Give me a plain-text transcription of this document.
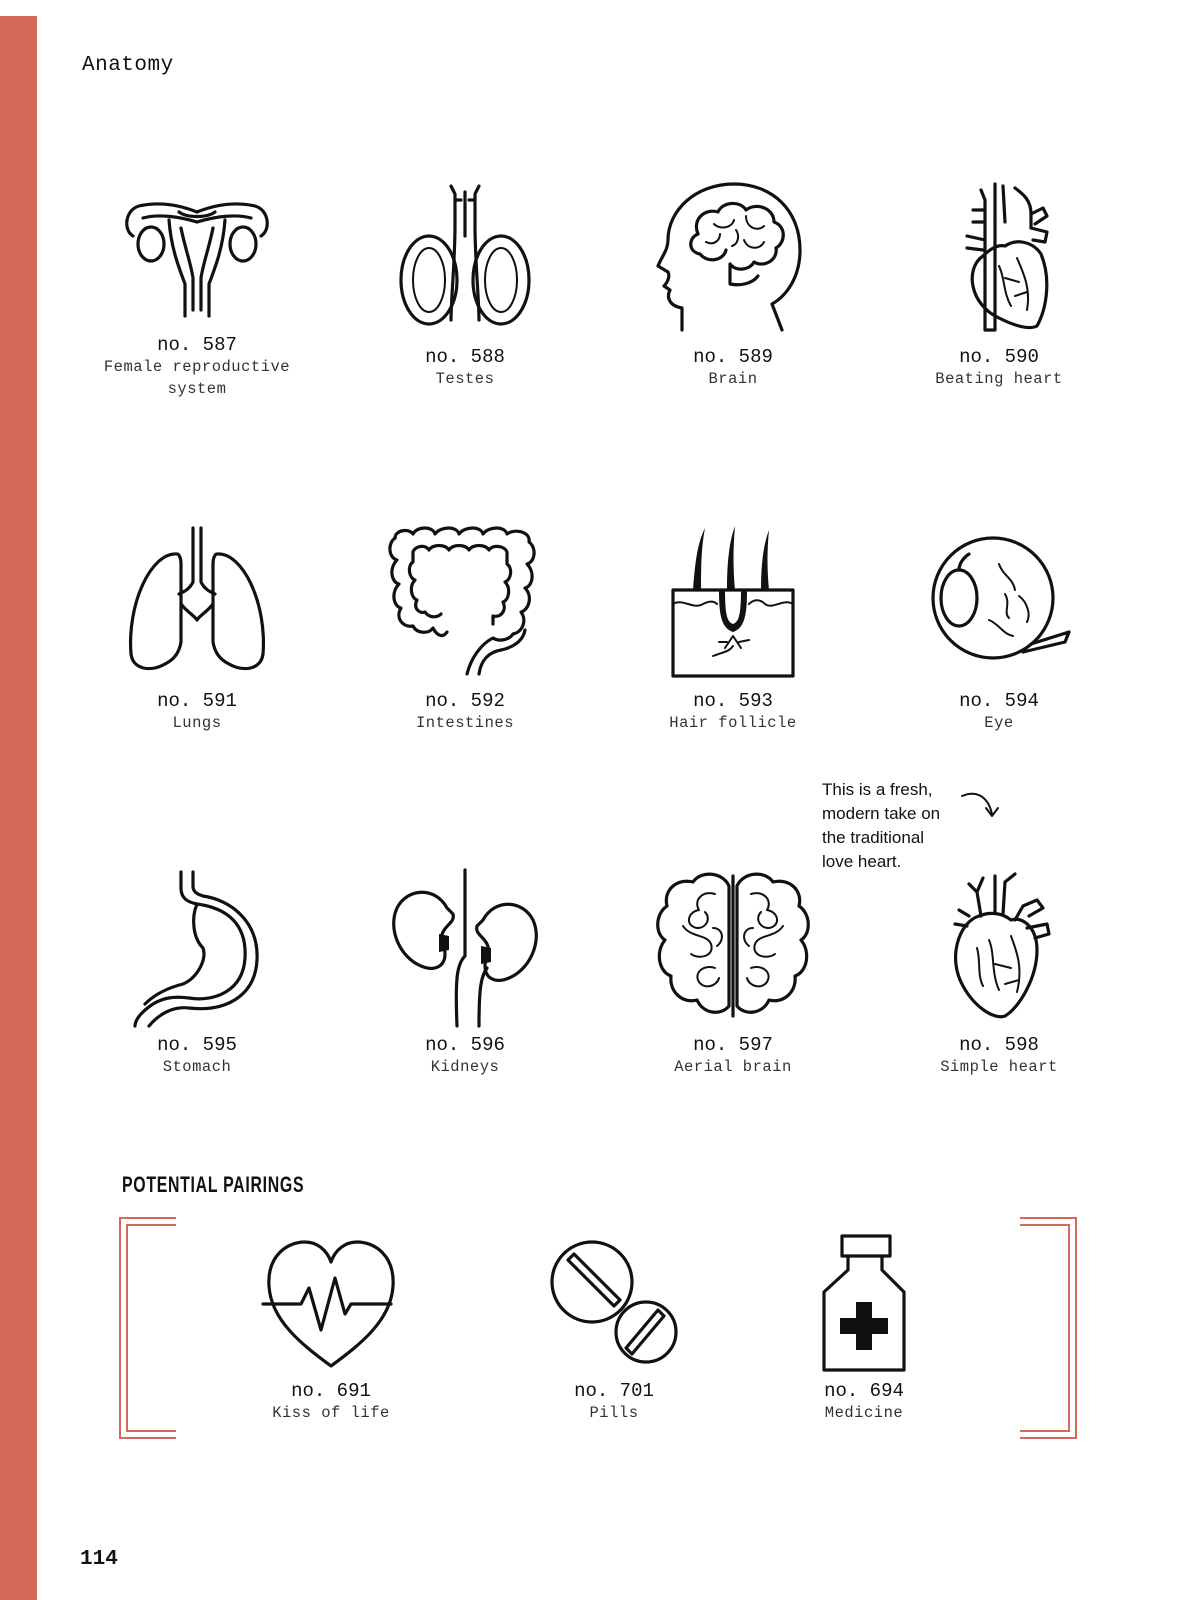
Anatomy
no. 587
Female reproductive system
no. 588
Testes
no. 589
Brain
no. 590
Beating heart
no. 591
Lungs
no. 592
Intestines
no. 593
Hair follicle
no. 594
Eye
This is a fresh,
modern take on
the traditional
love heart.
no. 595
Stomach
no. 596
Kidneys
no. 597
Aerial brain
no. 598
Simple heart
POTENTIAL PAIRINGS
no. 691
Kiss of life
no. 701
Pills
no. 694
Medicine
114
